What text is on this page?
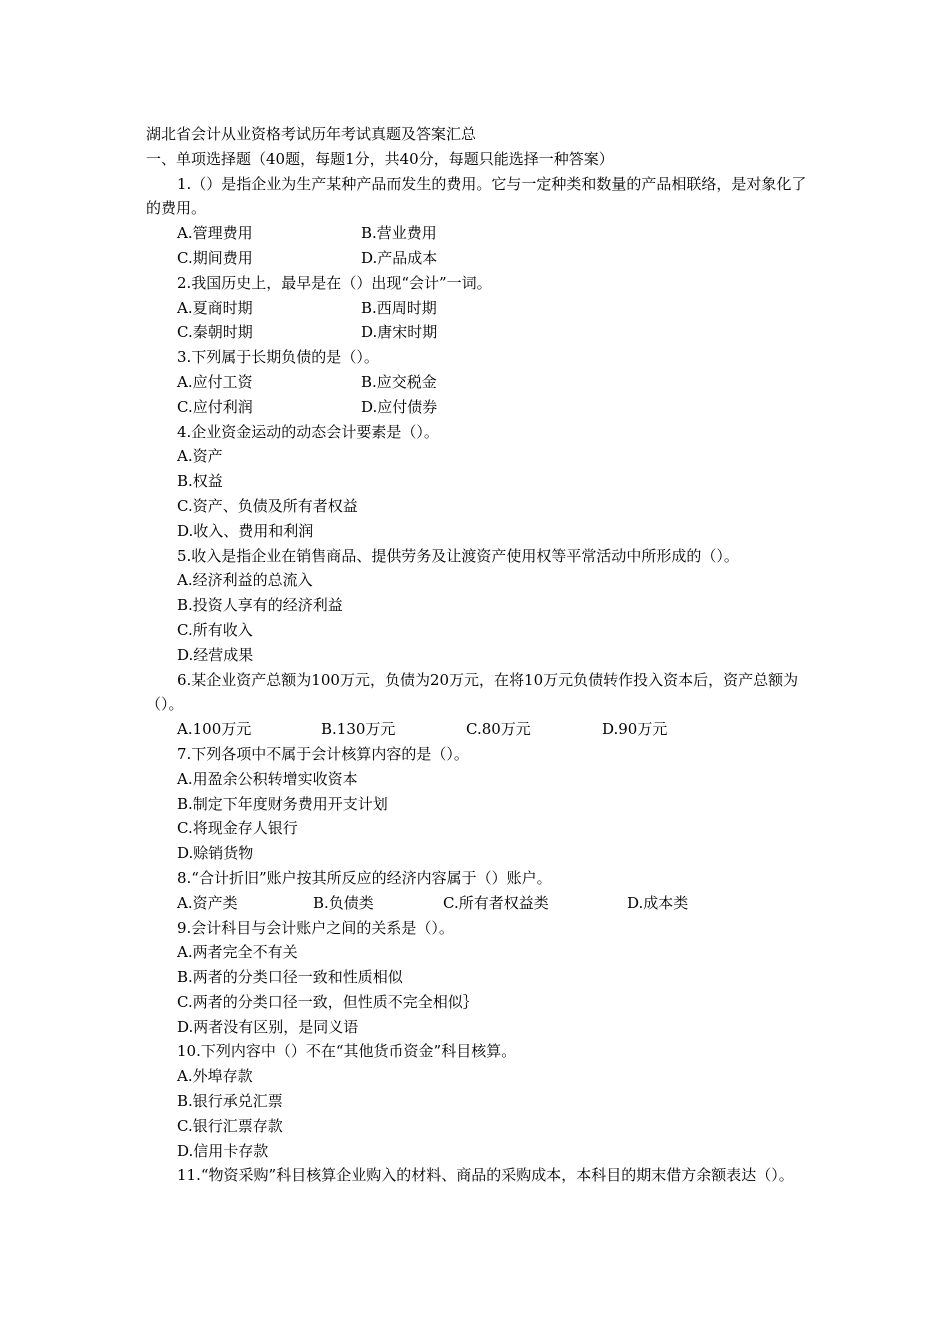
湖北省会计从业资格考试历年考试真题及答案汇总
一、单项选择题（40题，每题1分，共40分，每题只能选择一种答案）
1.（）是指企业为生产某种产品而发生的费用。它与一定种类和数量的产品相联络，是对象化了的费用。
A.管理费用	B.营业费用
C.期间费用	D.产品成本
2.我国历史上，最早是在（）出现“会计”一词。
A.夏商时期	B.西周时期
C.秦朝时期	D.唐宋时期
3.下列属于长期负债的是（）。
A.应付工资	B.应交税金
C.应付利润	D.应付债券
4.企业资金运动的动态会计要素是（）。
A.资产
B.权益
C.资产、负债及所有者权益
D.收入、费用和利润
5.收入是指企业在销售商品、提供劳务及让渡资产使用权等平常活动中所形成的（）。
A.经济利益的总流入
B.投资人享有的经济利益
C.所有收入
D.经营成果
6.某企业资产总额为100万元，负债为20万元，在将10万元负债转作投入资本后，资产总额为（）。
A.100万元	B.130万元	C.80万元	D.90万元
7.下列各项中不属于会计核算内容的是（）。
A.用盈余公积转增实收资本
B.制定下年度财务费用开支计划
C.将现金存人银行
D.赊销货物
8.“合计折旧”账户按其所反应的经济内容属于（）账户。
A.资产类	B.负债类	C.所有者权益类	D.成本类
9.会计科目与会计账户之间的关系是（）。
A.两者完全不有关
B.两者的分类口径一致和性质相似
C.两者的分类口径一致，但性质不完全相似｝
D.两者没有区别，是同义语
10.下列内容中（）不在“其他货币资金”科目核算。
A.外埠存款
B.银行承兑汇票
C.银行汇票存款
D.信用卡存款
11.“物资采购”科目核算企业购入的材料、商品的采购成本，本科目的期末借方余额表达（）。
